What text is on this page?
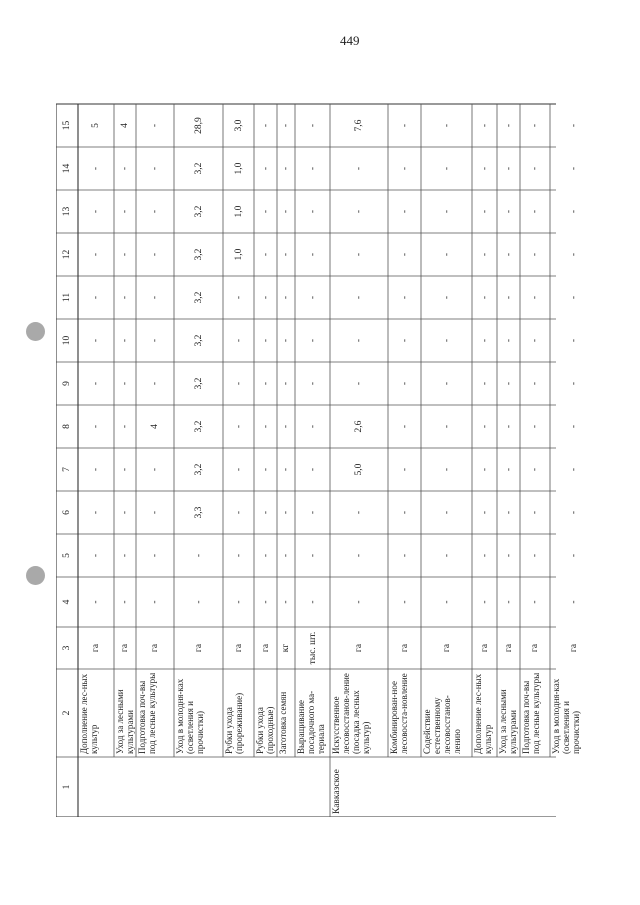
449
1
2
3
4
5
6
7
8
9
10
11
12
13
14
15
Кавказское
Дополнение лес-ных культур
га
-
-
-
-
-
-
-
-
-
-
-
5
Уход за лесными культурами
га
-
-
-
-
-
-
-
-
-
-
-
4
Подготовка поч-вы под лесные культуры
га
-
-
-
-
4
-
-
-
-
-
-
-
Уход в молодня-ках (осветления и прочистки)
га
-
-
3,3
3,2
3,2
3,2
3,2
3,2
3,2
3,2
3,2
28,9
Рубки ухода (прореживание)
га
-
-
-
-
-
-
-
-
1,0
1,0
1,0
3,0
Рубки ухода (проходные)
га
-
-
-
-
-
-
-
-
-
-
-
-
Заготовка семян
кг
-
-
-
-
-
-
-
-
-
-
-
-
Выращивание посадочного ма-териала
тыс. шт.
-
-
-
-
-
-
-
-
-
-
-
-
Искусственное лесовосстанов-ление (посадка лесных культур)
га
-
-
-
5,0
2,6
-
-
-
-
-
-
7,6
Комбинирован-ное лесовосста-новление
га
-
-
-
-
-
-
-
-
-
-
-
-
Содействие естественному лесовосстанов-лению
га
-
-
-
-
-
-
-
-
-
-
-
-
Дополнение лес-ных культур
га
-
-
-
-
-
-
-
-
-
-
-
-
Уход за лесными культурами
га
-
-
-
-
-
-
-
-
-
-
-
-
Подготовка поч-вы под лесные культуры
га
-
-
-
-
-
-
-
-
-
-
-
-
Уход в молодня-ках (осветления и прочистки)
га
-
-
-
-
-
-
-
-
-
-
-
-
